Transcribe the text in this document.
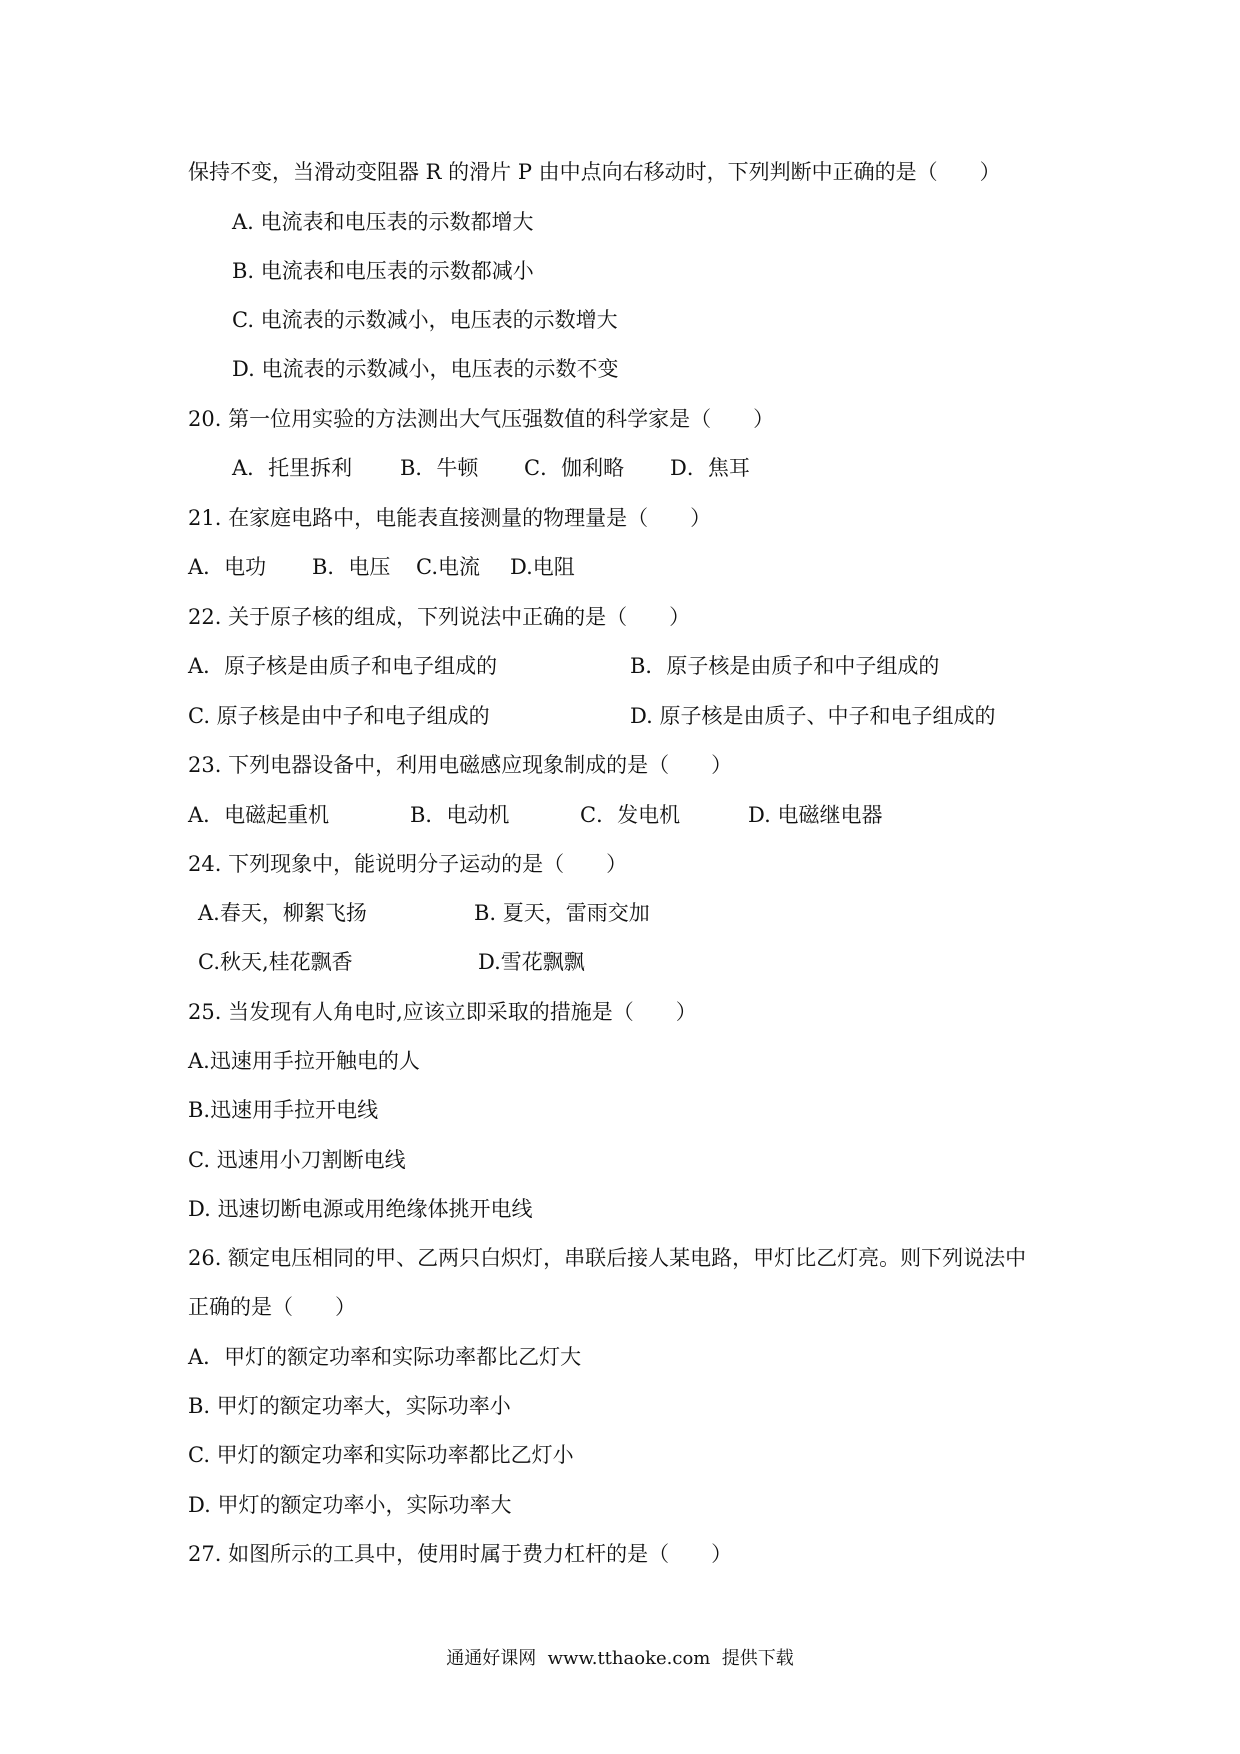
保持不变，当滑动变阻器 R 的滑片 P 由中点向右移动时，下列判断中正确的是（　　）
A. 电流表和电压表的示数都增大
B. 电流表和电压表的示数都减小
C. 电流表的示数减小，电压表的示数增大
D. 电流表的示数减小，电压表的示数不变
20. 第一位用实验的方法测出大气压强数值的科学家是（　　）

A．托里拆利

B．牛顿

C．伽利略

D．焦耳

21. 在家庭电路中，电能表直接测量的物理量是（　　）

A．电功

B．电压

C.电流

D.电阻

22. 关于原子核的组成，下列说法中正确的是（　　）

A．原子核是由质子和电子组成的

	B．原子核是由质子和中子组成的

C. 原子核是由中子和电子组成的

	D. 原子核是由质子、中子和电子组成的

23. 下列电器设备中，利用电磁感应现象制成的是（　　）

A．电磁起重机

	B．电动机

	C．发电机

	D. 电磁继电器

24. 下列现象中，能说明分子运动的是（　　）

A.春天，柳絮飞扬

	B. 夏天，雷雨交加

C.秋天,桂花飘香

	D.雪花飘飘

25. 当发现有人角电时,应该立即采取的措施是（　　）
A.迅速用手拉开触电的人
B.迅速用手拉开电线
C. 迅速用小刀割断电线
D. 迅速切断电源或用绝缘体挑开电线
26. 额定电压相同的甲、乙两只白炽灯，串联后接人某电路，甲灯比乙灯亮。则下列说法中
正确的是（　　）
A．甲灯的额定功率和实际功率都比乙灯大
B. 甲灯的额定功率大，实际功率小
C. 甲灯的额定功率和实际功率都比乙灯小
D. 甲灯的额定功率小，实际功率大
27. 如图所示的工具中，使用时属于费力杠杆的是（　　）
通通好课网  www.tthaoke.com  提供下载
